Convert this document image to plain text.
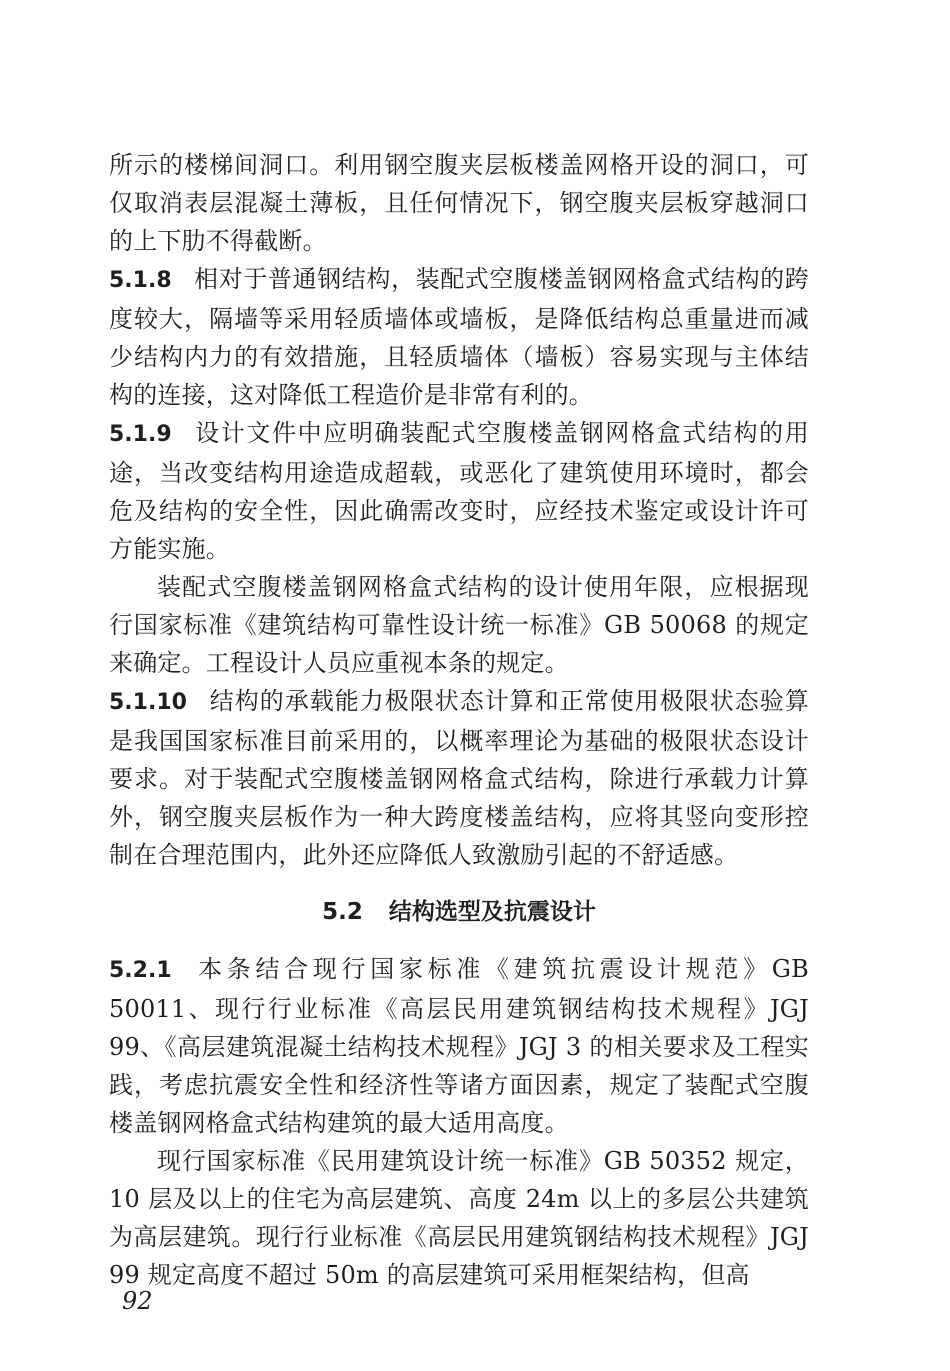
所示的楼梯间洞口。利用钢空腹夹层板楼盖网格开设的洞口，可仅取消表层混凝土薄板，且任何情况下，钢空腹夹层板穿越洞口的上下肋不得截断。

5.1.8 相对于普通钢结构，装配式空腹楼盖钢网格盒式结构的跨度较大，隔墙等采用轻质墙体或墙板，是降低结构总重量进而减少结构内力的有效措施，且轻质墙体（墙板）容易实现与主体结构的连接，这对降低工程造价是非常有利的。

5.1.9 设计文件中应明确装配式空腹楼盖钢网格盒式结构的用途，当改变结构用途造成超载，或恶化了建筑使用环境时，都会危及结构的安全性，因此确需改变时，应经技术鉴定或设计许可方能实施。

装配式空腹楼盖钢网格盒式结构的设计使用年限，应根据现行国家标准《建筑结构可靠性设计统一标准》GB 50068 的规定来确定。工程设计人员应重视本条的规定。

5.1.10 结构的承载能力极限状态计算和正常使用极限状态验算是我国国家标准目前采用的，以概率理论为基础的极限状态设计要求。对于装配式空腹楼盖钢网格盒式结构，除进行承载力计算外，钢空腹夹层板作为一种大跨度楼盖结构，应将其竖向变形控制在合理范围内，此外还应降低人致激励引起的不舒适感。

5.2 结构选型及抗震设计

5.2.1 本条结合现行国家标准《建筑抗震设计规范》GB 50011、现行行业标准《高层民用建筑钢结构技术规程》JGJ 99、《高层建筑混凝土结构技术规程》JGJ 3 的相关要求及工程实践，考虑抗震安全性和经济性等诸方面因素，规定了装配式空腹楼盖钢网格盒式结构建筑的最大适用高度。

现行国家标准《民用建筑设计统一标准》GB 50352 规定，10 层及以上的住宅为高层建筑、高度 24m 以上的多层公共建筑为高层建筑。现行行业标准《高层民用建筑钢结构技术规程》JGJ 99 规定高度不超过 50m 的高层建筑可采用框架结构，但高

92
